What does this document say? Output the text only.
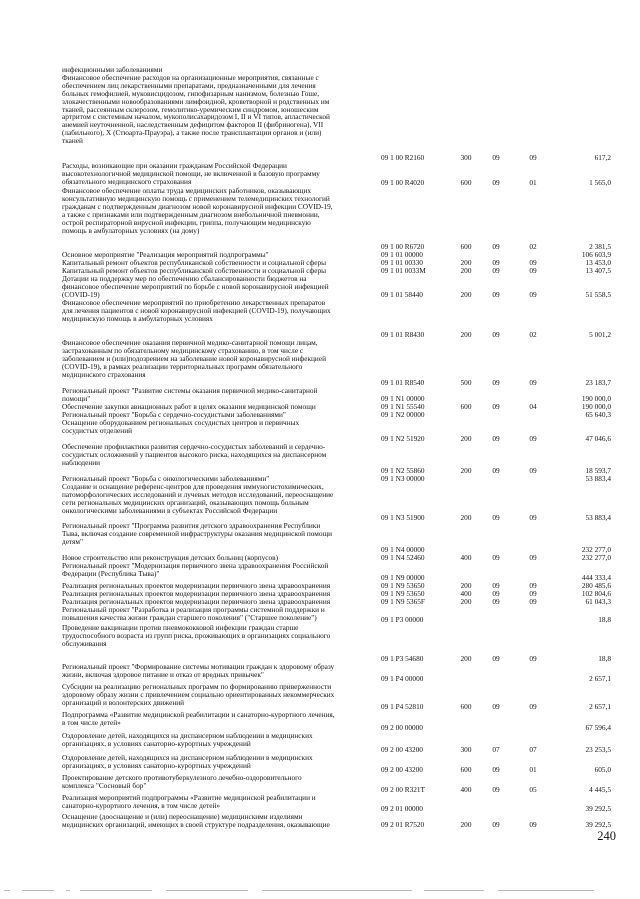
инфекционными заболеваниями
Финансовое обеспечение расходов на организационные мероприятия, связанные с
обеспечением лиц лекарственными препаратами, предназначенными для лечения
больных гемофилией, муковисцидозом, гипофизарным нанизмом, болезнью Гоше,
злокачественными новообразованиями лимфоидной, кроветворной и родственных им
тканей, рассеянным склерозом, гемолитико-уремическим синдромом, юношеским
артритом с системным началом, мукополисахаридозом I, II и VI типов, апластической
анемией неуточненной, наследственным дефицитом факторов II (фибриногена), VII
(лабильного), X (Стюарта-Прауэра), а также после трансплантации органов и (или)
тканей

09 1 00 R2160	300	09	09	617,2

Расходы, возникающие при оказании гражданам Российской Федерации
высокотехнологичной медицинской помощи, не включенной в базовую программу
обязательного медицинского страхования	09 1 00 R4020	600	09	01	1 565,0

Финансовое обеспечение оплаты труда медицинских работников, оказывающих
консультативную медицинскую помощь с применением телемедицинских технологий
гражданам с подтвержденным диагнозом новой коронавирусной инфекции COVID-19,
а также с признаками или подтвержденным диагнозом внебольничной пневмонии,
острой респираторной вирусной инфекции, гриппа, получающим медицинскую
помощь в амбулаторных условиях (на дому)

09 1 00 R6720	600	09	02	2 381,5

Основное мероприятие "Реализация мероприятий подпрограммы"	09 1 01 00000	106 603,9

Капитальный ремонт объектов республиканской собственности и социальной сферы	09 1 01 00330	200	09	09	13 453,0

Капитальный ремонт объектов республиканской собственности и социальной сферы	09 1 01 0033М	200	09	09	13 407,5

Дотации на поддержку мер по обеспечению сбалансированности бюджетов на
финансовое обеспечение мероприятий по борьбе с новой коронавирусной инфекцией
(COVID-19)	09 1 01 58440	200	09	09	51 558,5

Финансовое обеспечение мероприятий по приобретению лекарственных препаратов
для лечения пациентов с новой коронавирусной инфекцией (COVID-19), получающих
медицинскую помощь в амбулаторных условиях

09 1 01 R8430	200	09	02	5 001,2

Финансовое обеспечение оказания первичной медико-санитарной помощи лицам,
застрахованным по обязательному медицинскому страхованию, в том числе с
заболеванием и (или)подозрением на заболевание новой коронавирусной инфекцией
(COVID-19), в рамках реализации территориальных программ обязательного
медицинского страхования

09 1 01 R8540	500	09	09	23 183,7

Региональный проект "Развитие системы оказания первичной медико-санитарной
помощи"	09 1 N1 00000	190 000,0

Обеспечение закупки авиационных работ в целях оказания медицинской помощи	09 1 N1 55540	600	09	04	190 000,0

Региональный проект "Борьба с сердечно-сосудистыми заболеваниями"	09 1 N2 00000	65 640,3

Оснащение оборудованием региональных сосудистых центров и первичных
сосудистых отделений

09 1 N2 51920	200	09	09	47 046,6

Обеспечение профилактики развития сердечно-сосудистых заболеваний и сердечно-
сосудистых осложнений у пациентов высокого риска, находящихся на диспансерном
наблюдении

09 1 N2 55860	200	09	09	18 593,7

Региональный проект "Борьба с онкологическими заболеваниями"	09 1 N3 00000	53 883,4

Создание и оснащение референс-центров для проведения иммуногистохимических,
патоморфологических исследований и лучевых методов исследований, переоснащение
сети региональных медицинских организаций, оказывающих помощь больным
онкологическими заболеваниями в субъектах Российской Федерации

09 1 N3 51900	200	09	09	53 883,4

Региональный проект "Программа развития детского здравоохранения Республики
Тыва, включая создание современной инфраструктуры оказания медицинской помощи
детям"

09 1 N4 00000	232 277,0

Новое строительство или реконструкция детских больниц (корпусов)	09 1 N4 52460	400	09	09	232 277,0

Региональный проект "Модернизация первичного звена здравоохранения Российской
Федерации (Республика Тыва)"	09 1 N9 00000	444 333,4

Реализация региональных проектов модернизации первичного звена здравоохранения	09 1 N9 53650	200	09	09	280 485,6

Реализация региональных проектов модернизации первичного звена здравоохранения	09 1 N9 53650	400	09	09	102 804,6

Реализация региональных проектов модернизации первичного звена здравоохранения	09 1 N9 5365F	200	09	09	61 043,3

Региональный проект "Разработка и реализация программы системной поддержки и
повышения качества жизни граждан старшего поколения" ("Старшее поколение")	09 1 P3 00000	18,8

Проведение вакцинации против пневмококковой инфекции граждан старше
трудоспособного возраста из групп риска, проживающих в организациях социального
обслуживания

09 1 P3 54680	200	09	09	18,8

Региональный проект "Формирование системы мотивации граждан к здоровому образу
жизни, включая здоровое питание и отказ от вредных привычек"	09 1 P4 00000	2 657,1

Субсидии на реализацию региональных программ по формированию приверженности
здоровому образу жизни с привлечением социально ориентированных некоммерческих
организаций и волонтерских движений	09 1 P4 52810	600	09	09	2 657,1

Подпрограмма «Развитие медицинской реабилитации и санаторно-курортного лечения,
в том числе детей»

09 2 00 00000	67 596,4

Оздоровление детей, находящихся на диспансерном наблюдении в медицинских
организациях, в условиях санаторно-курортных учреждений

09 2 00 43200	300	07	07	23 253,5

Оздоровление детей, находящихся на диспансерном наблюдении в медицинских
организациях, в условиях санаторно-курортных учреждений	09 2 00 43200	600	09	01	605,0

Проектирование детского противотуберкулезного лечебно-оздоровительного
комплекса "Сосновый бор"	09 2 00 R321T	400	09	05	4 445,5

Реализация мероприятий подпрограммы «Развитие медицинской реабилитации и
санаторно-курортного лечения, в том числе детей»	09 2 01 00000	39 292,5

Оснащение (дооснащение и (или) переоснащение) медицинскими изделиями
медицинских организаций, имеющих в своей структуре подразделения, оказывающие	09 2 01 R7520	200	09	09	39 292,5
240
